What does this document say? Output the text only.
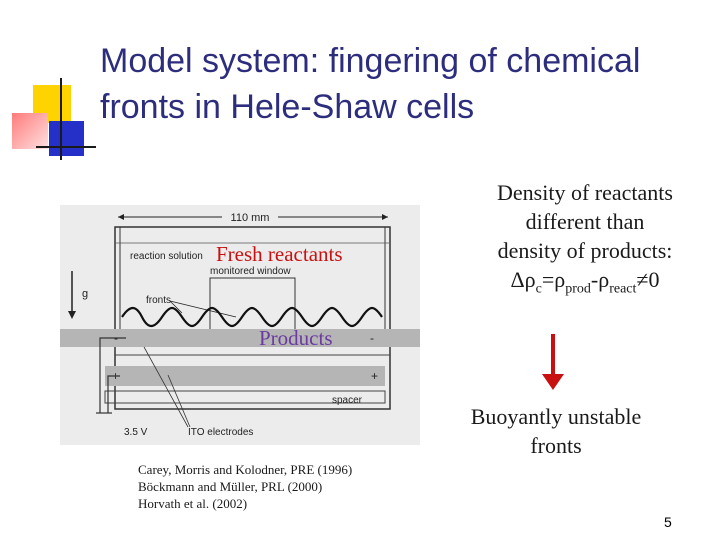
Model system: fingering of chemical
fronts in Hele-Shaw cells
110 mm
reaction solution
monitored window
g
fronts
-	-
+	+
spacer
3.5 V	ITO electrodes
Fresh reactants
Products
Density of reactants
different than
density of products:
$\Delta\rho_c=\rho_{prod}-\rho_{react}\ne 0$
Buoyantly unstable
fronts
Carey, Morris and Kolodner, PRE (1996)
Böckmann and Müller, PRL (2000)
Horvath et al. (2002)
5
